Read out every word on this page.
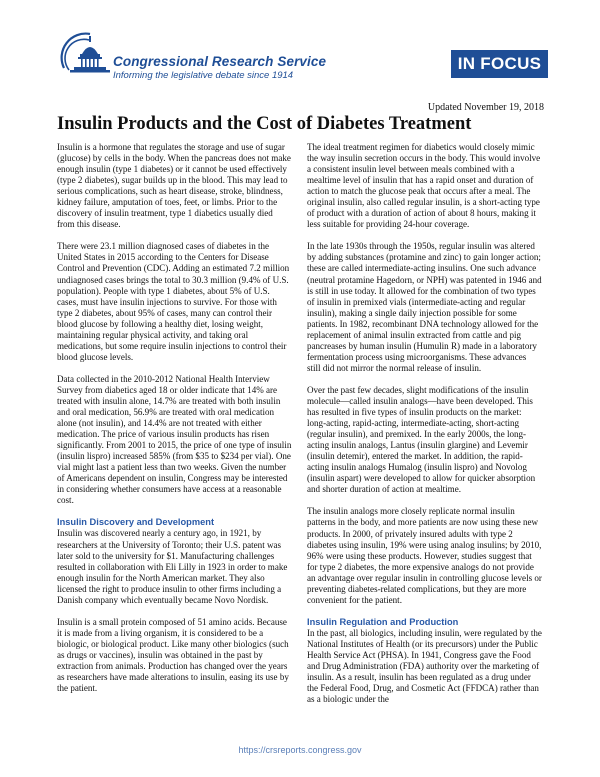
Congressional Research Service
Informing the legislative debate since 1914
IN FOCUS
Updated November 19, 2018
Insulin Products and the Cost of Diabetes Treatment

Insulin is a hormone that regulates the storage and use of sugar (glucose) by cells in the body. When the pancreas does not make enough insulin (type 1 diabetes) or it cannot be used effectively (type 2 diabetes), sugar builds up in the blood. This may lead to serious complications, such as heart disease, stroke, blindness, kidney failure, amputation of toes, feet, or limbs. Prior to the discovery of insulin treatment, type 1 diabetics usually died from this disease.

There were 23.1 million diagnosed cases of diabetes in the United States in 2015 according to the Centers for Disease Control and Prevention (CDC). Adding an estimated 7.2 million undiagnosed cases brings the total to 30.3 million (9.4% of U.S. population). People with type 1 diabetes, about 5% of U.S. cases, must have insulin injections to survive. For those with type 2 diabetes, about 95% of cases, many can control their blood glucose by following a healthy diet, losing weight, maintaining regular physical activity, and taking oral medications, but some require insulin injections to control their blood glucose levels.

Data collected in the 2010-2012 National Health Interview Survey from diabetics aged 18 or older indicate that 14% are treated with insulin alone, 14.7% are treated with both insulin and oral medication, 56.9% are treated with oral medication alone (not insulin), and 14.4% are not treated with either medication. The price of various insulin products has risen significantly. From 2001 to 2015, the price of one type of insulin (insulin lispro) increased 585% (from $35 to $234 per vial). One vial might last a patient less than two weeks. Given the number of Americans dependent on insulin, Congress may be interested in considering whether consumers have access at a reasonable cost.

Insulin Discovery and Development

Insulin was discovered nearly a century ago, in 1921, by researchers at the University of Toronto; their U.S. patent was later sold to the university for $1. Manufacturing challenges resulted in collaboration with Eli Lilly in 1923 in order to make enough insulin for the North American market. They also licensed the right to produce insulin to other firms including a Danish company which eventually became Novo Nordisk.

Insulin is a small protein composed of 51 amino acids. Because it is made from a living organism, it is considered to be a biologic, or biological product. Like many other biologics (such as drugs or vaccines), insulin was obtained in the past by extraction from animals. Production has changed over the years as researchers have made alterations to insulin, easing its use by the patient.

The ideal treatment regimen for diabetics would closely mimic the way insulin secretion occurs in the body. This would involve a consistent insulin level between meals combined with a mealtime level of insulin that has a rapid onset and duration of action to match the glucose peak that occurs after a meal. The original insulin, also called regular insulin, is a short-acting type of product with a duration of action of about 8 hours, making it less suitable for providing 24-hour coverage.

In the late 1930s through the 1950s, regular insulin was altered by adding substances (protamine and zinc) to gain longer action; these are called intermediate-acting insulins. One such advance (neutral protamine Hagedorn, or NPH) was patented in 1946 and is still in use today. It allowed for the combination of two types of insulin in premixed vials (intermediate-acting and regular insulin), making a single daily injection possible for some patients. In 1982, recombinant DNA technology allowed for the replacement of animal insulin extracted from cattle and pig pancreases by human insulin (Humulin R) made in a laboratory fermentation process using microorganisms. These advances still did not mirror the normal release of insulin.

Over the past few decades, slight modifications of the insulin molecule—called insulin analogs—have been developed. This has resulted in five types of insulin products on the market: long-acting, rapid-acting, intermediate-acting, short-acting (regular insulin), and premixed. In the early 2000s, the long-acting insulin analogs, Lantus (insulin glargine) and Levemir (insulin detemir), entered the market. In addition, the rapid-acting insulin analogs Humalog (insulin lispro) and Novolog (insulin aspart) were developed to allow for quicker absorption and shorter duration of action at mealtime.

The insulin analogs more closely replicate normal insulin patterns in the body, and more patients are now using these new products. In 2000, of privately insured adults with type 2 diabetes using insulin, 19% were using analog insulins; by 2010, 96% were using these products. However, studies suggest that for type 2 diabetes, the more expensive analogs do not provide an advantage over regular insulin in controlling glucose levels or preventing diabetes-related complications, but they are more convenient for the patient.

Insulin Regulation and Production

In the past, all biologics, including insulin, were regulated by the National Institutes of Health (or its precursors) under the Public Health Service Act (PHSA). In 1941, Congress gave the Food and Drug Administration (FDA) authority over the marketing of insulin. As a result, insulin has been regulated as a drug under the Federal Food, Drug, and Cosmetic Act (FFDCA) rather than as a biologic under the

https://crsreports.congress.gov
